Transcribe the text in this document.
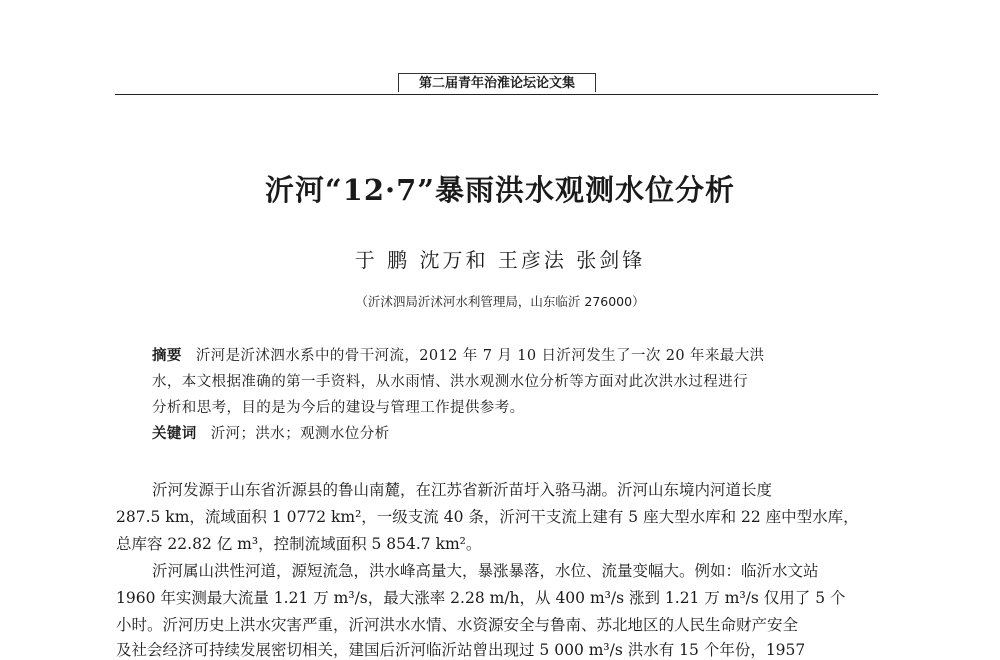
第二届青年治淮论坛论文集
沂河“12·7”暴雨洪水观测水位分析
于 鹏 沈万和 王彦法 张剑锋
（沂沭泗局沂沭河水利管理局，山东临沂 276000）
摘要 沂河是沂沭泗水系中的骨干河流，2012 年 7 月 10 日沂河发生了一次 20 年来最大洪
水，本文根据准确的第一手资料，从水雨情、洪水观测水位分析等方面对此次洪水过程进行
分析和思考，目的是为今后的建设与管理工作提供参考。
关键词 沂河；洪水；观测水位分析
沂河发源于山东省沂源县的鲁山南麓，在江苏省新沂苗圩入骆马湖。沂河山东境内河道长度
287.5 km，流域面积 1 0772 km²，一级支流 40 条，沂河干支流上建有 5 座大型水库和 22 座中型水库，
总库容 22.82 亿 m³，控制流域面积 5 854.7 km²。
沂河属山洪性河道，源短流急，洪水峰高量大，暴涨暴落，水位、流量变幅大。例如：临沂水文站
1960 年实测最大流量 1.21 万 m³/s，最大涨率 2.28 m/h，从 400 m³/s 涨到 1.21 万 m³/s 仅用了 5 个
小时。沂河历史上洪水灾害严重，沂河洪水水情、水资源安全与鲁南、苏北地区的人民生命财产安全
及社会经济可持续发展密切相关，建国后沂河临沂站曾出现过 5 000 m³/s 洪水有 15 个年份，1957
